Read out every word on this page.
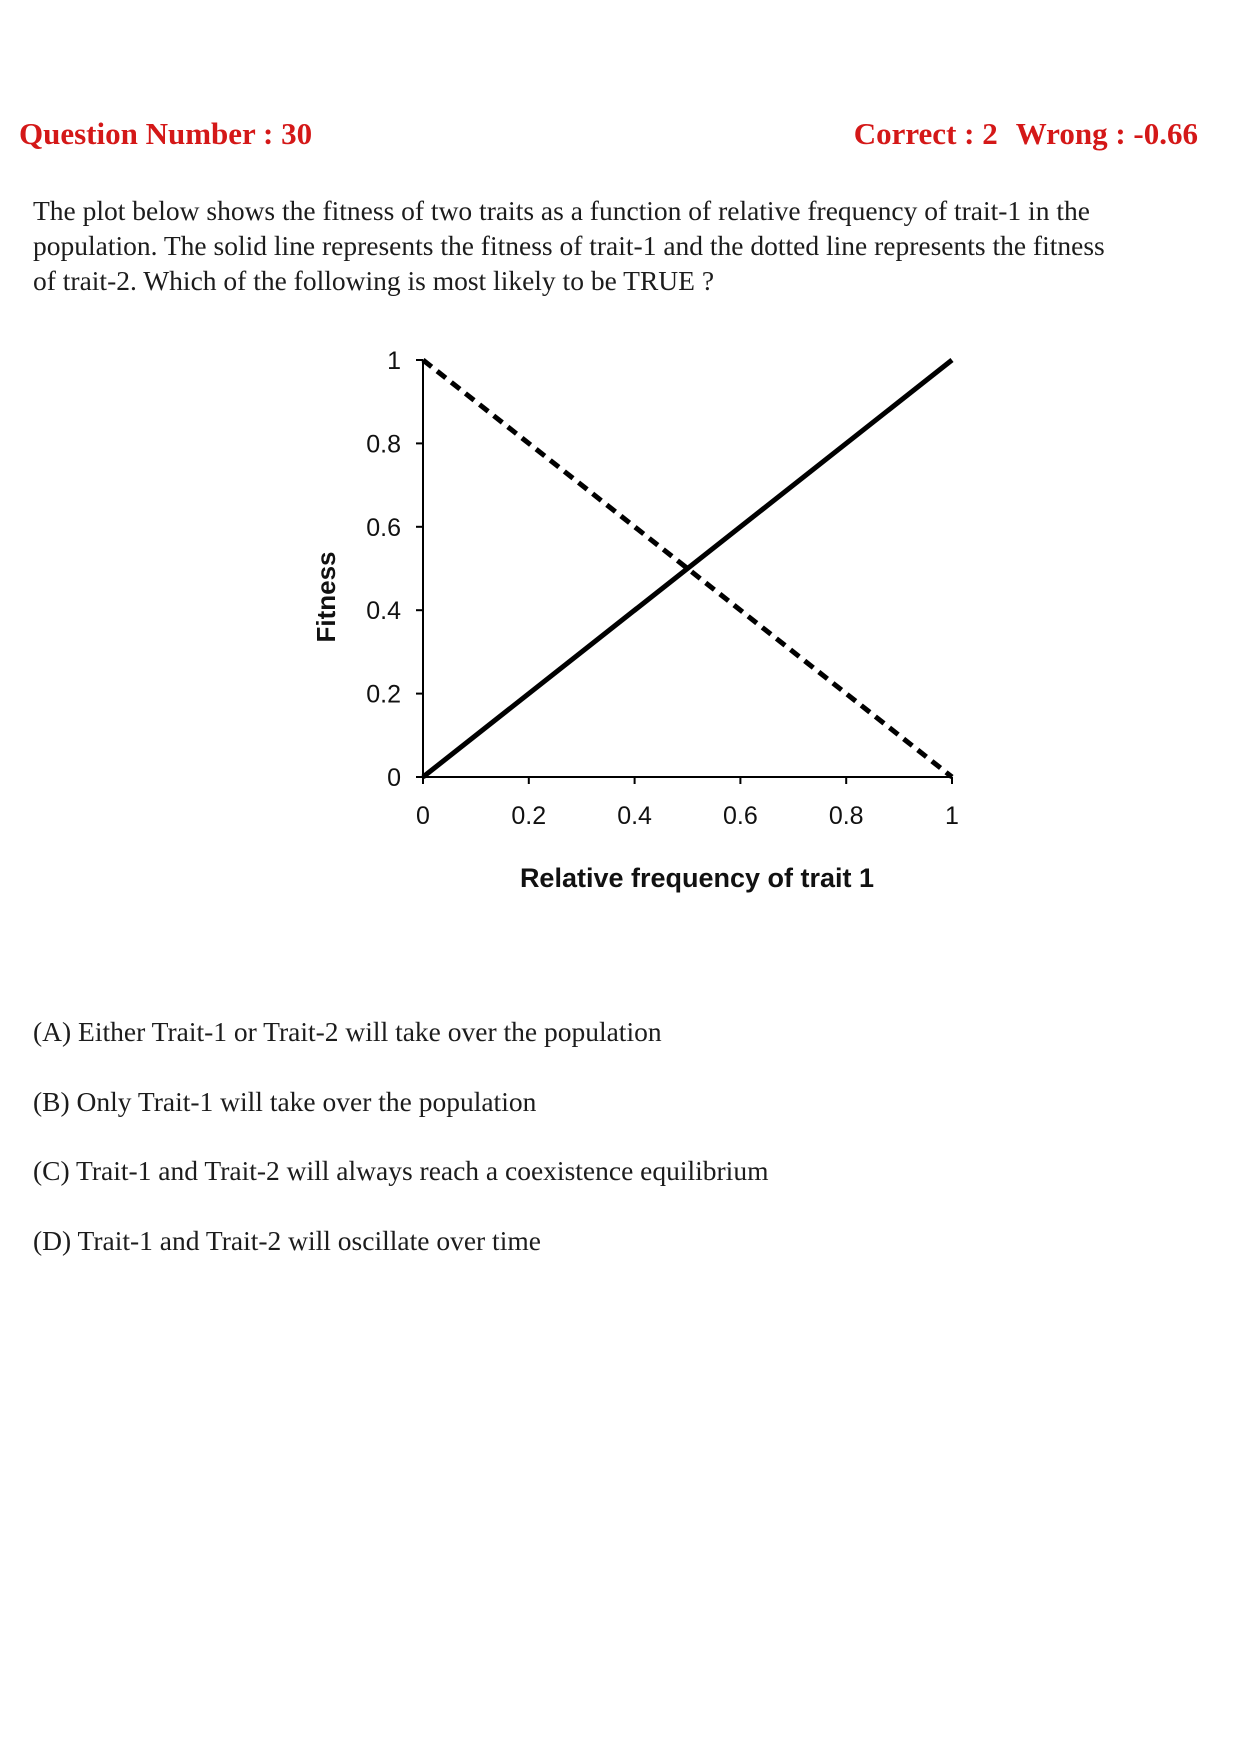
Question Number : 30	Correct : 2 Wrong : -0.66
The plot below shows the fitness of two traits as a function of relative frequency of trait-1 in the
population. The solid line represents the fitness of trait-1 and the dotted line represents the fitness
of trait-2. Which of the following is most likely to be TRUE ?
0
0.2
0.4
0.6
0.8
1
0	0.2	0.4	0.6	0.8	1
Fitness
Relative frequency of trait 1
(A) Either Trait-1 or Trait-2 will take over the population
(B) Only Trait-1 will take over the population
(C) Trait-1 and Trait-2 will always reach a coexistence equilibrium
(D) Trait-1 and Trait-2 will oscillate over time
